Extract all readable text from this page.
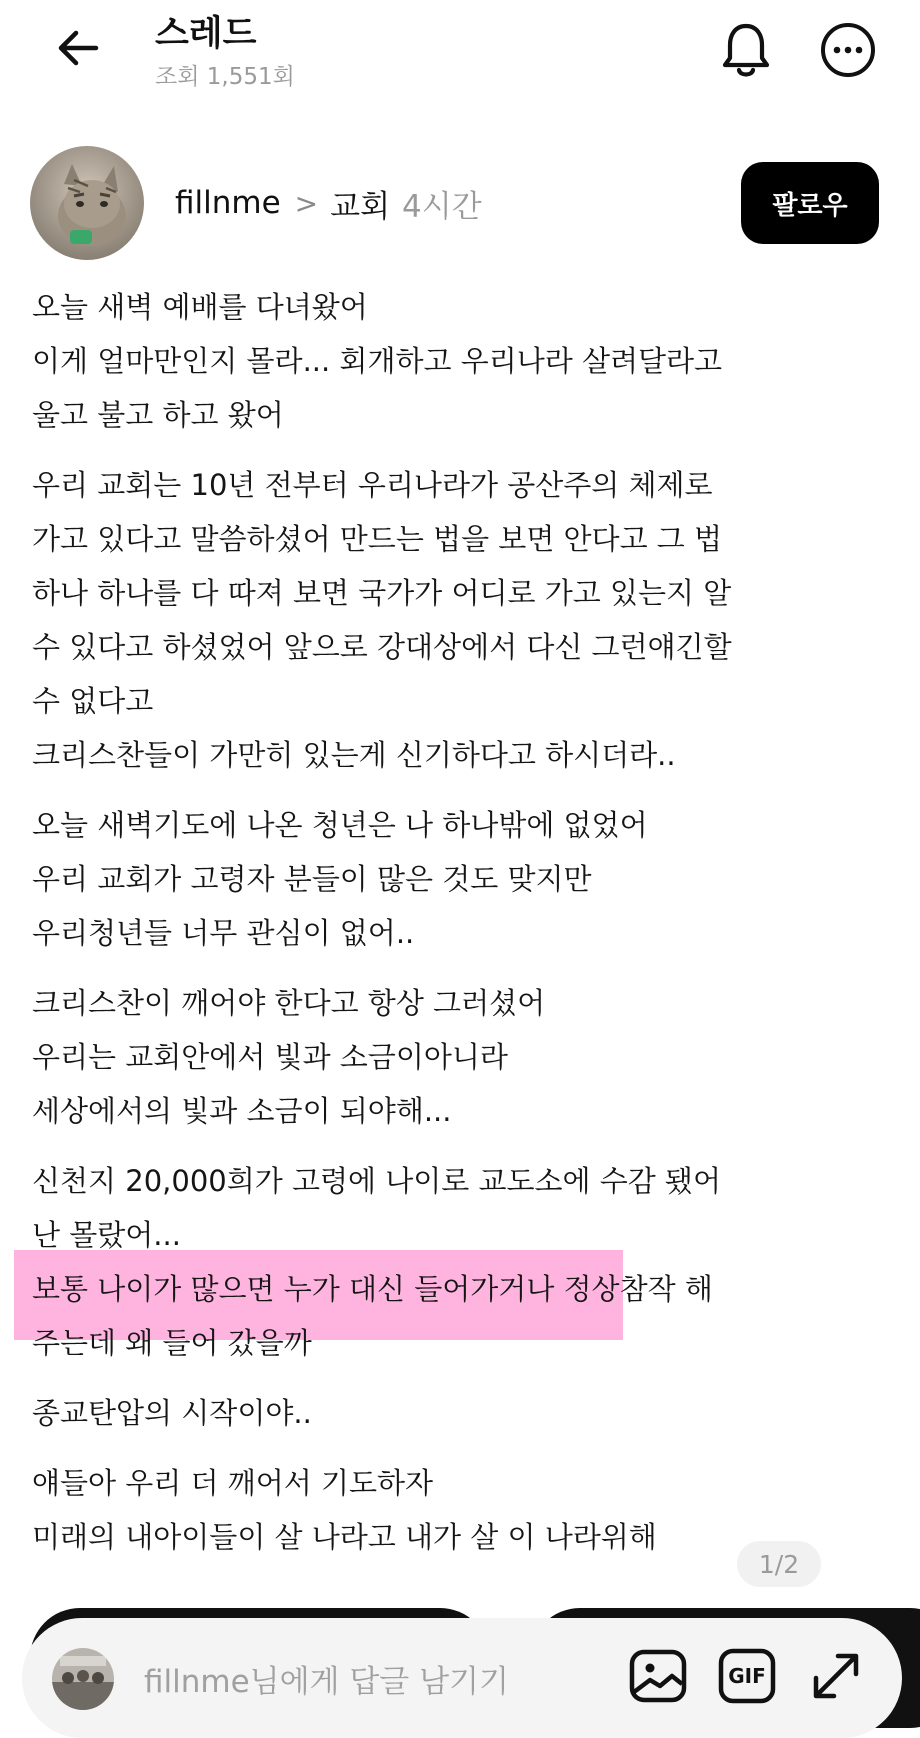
스레드
조회 1,551회
fillnme > 교회 4시간	팔로우
오늘 새벽 예배를 다녀왔어
이게 얼마만인지 몰라... 회개하고 우리나라 살려달라고
울고 불고 하고 왔어
우리 교회는 10년 전부터 우리나라가 공산주의 체제로
가고 있다고 말씀하셨어 만드는 법을 보면 안다고 그 법
하나 하나를 다 따져 보면 국가가 어디로 가고 있는지 알
수 있다고 하셨었어 앞으로 강대상에서 다신 그런얘긴할
수 없다고
크리스찬들이 가만히 있는게 신기하다고 하시더라..
오늘 새벽기도에 나온 청년은 나 하나밖에 없었어
우리 교회가 고령자 분들이 많은 것도 맞지만
우리청년들 너무 관심이 없어..
크리스찬이 깨어야 한다고 항상 그러셨어
우리는 교회안에서 빛과 소금이아니라
세상에서의 빛과 소금이 되야해...
신천지 20,000희가 고령에 나이로 교도소에 수감 됐어
난 몰랐어...
보통 나이가 많으면 누가 대신 들어가거나 정상참작 해
주는데 왜 들어 갔을까
종교탄압의 시작이야..
얘들아 우리 더 깨어서 기도하자
미래의 내아이들이 살 나라고 내가 살 이 나라위해
1/2
fillnme님에게 답글 남기기	GIF
